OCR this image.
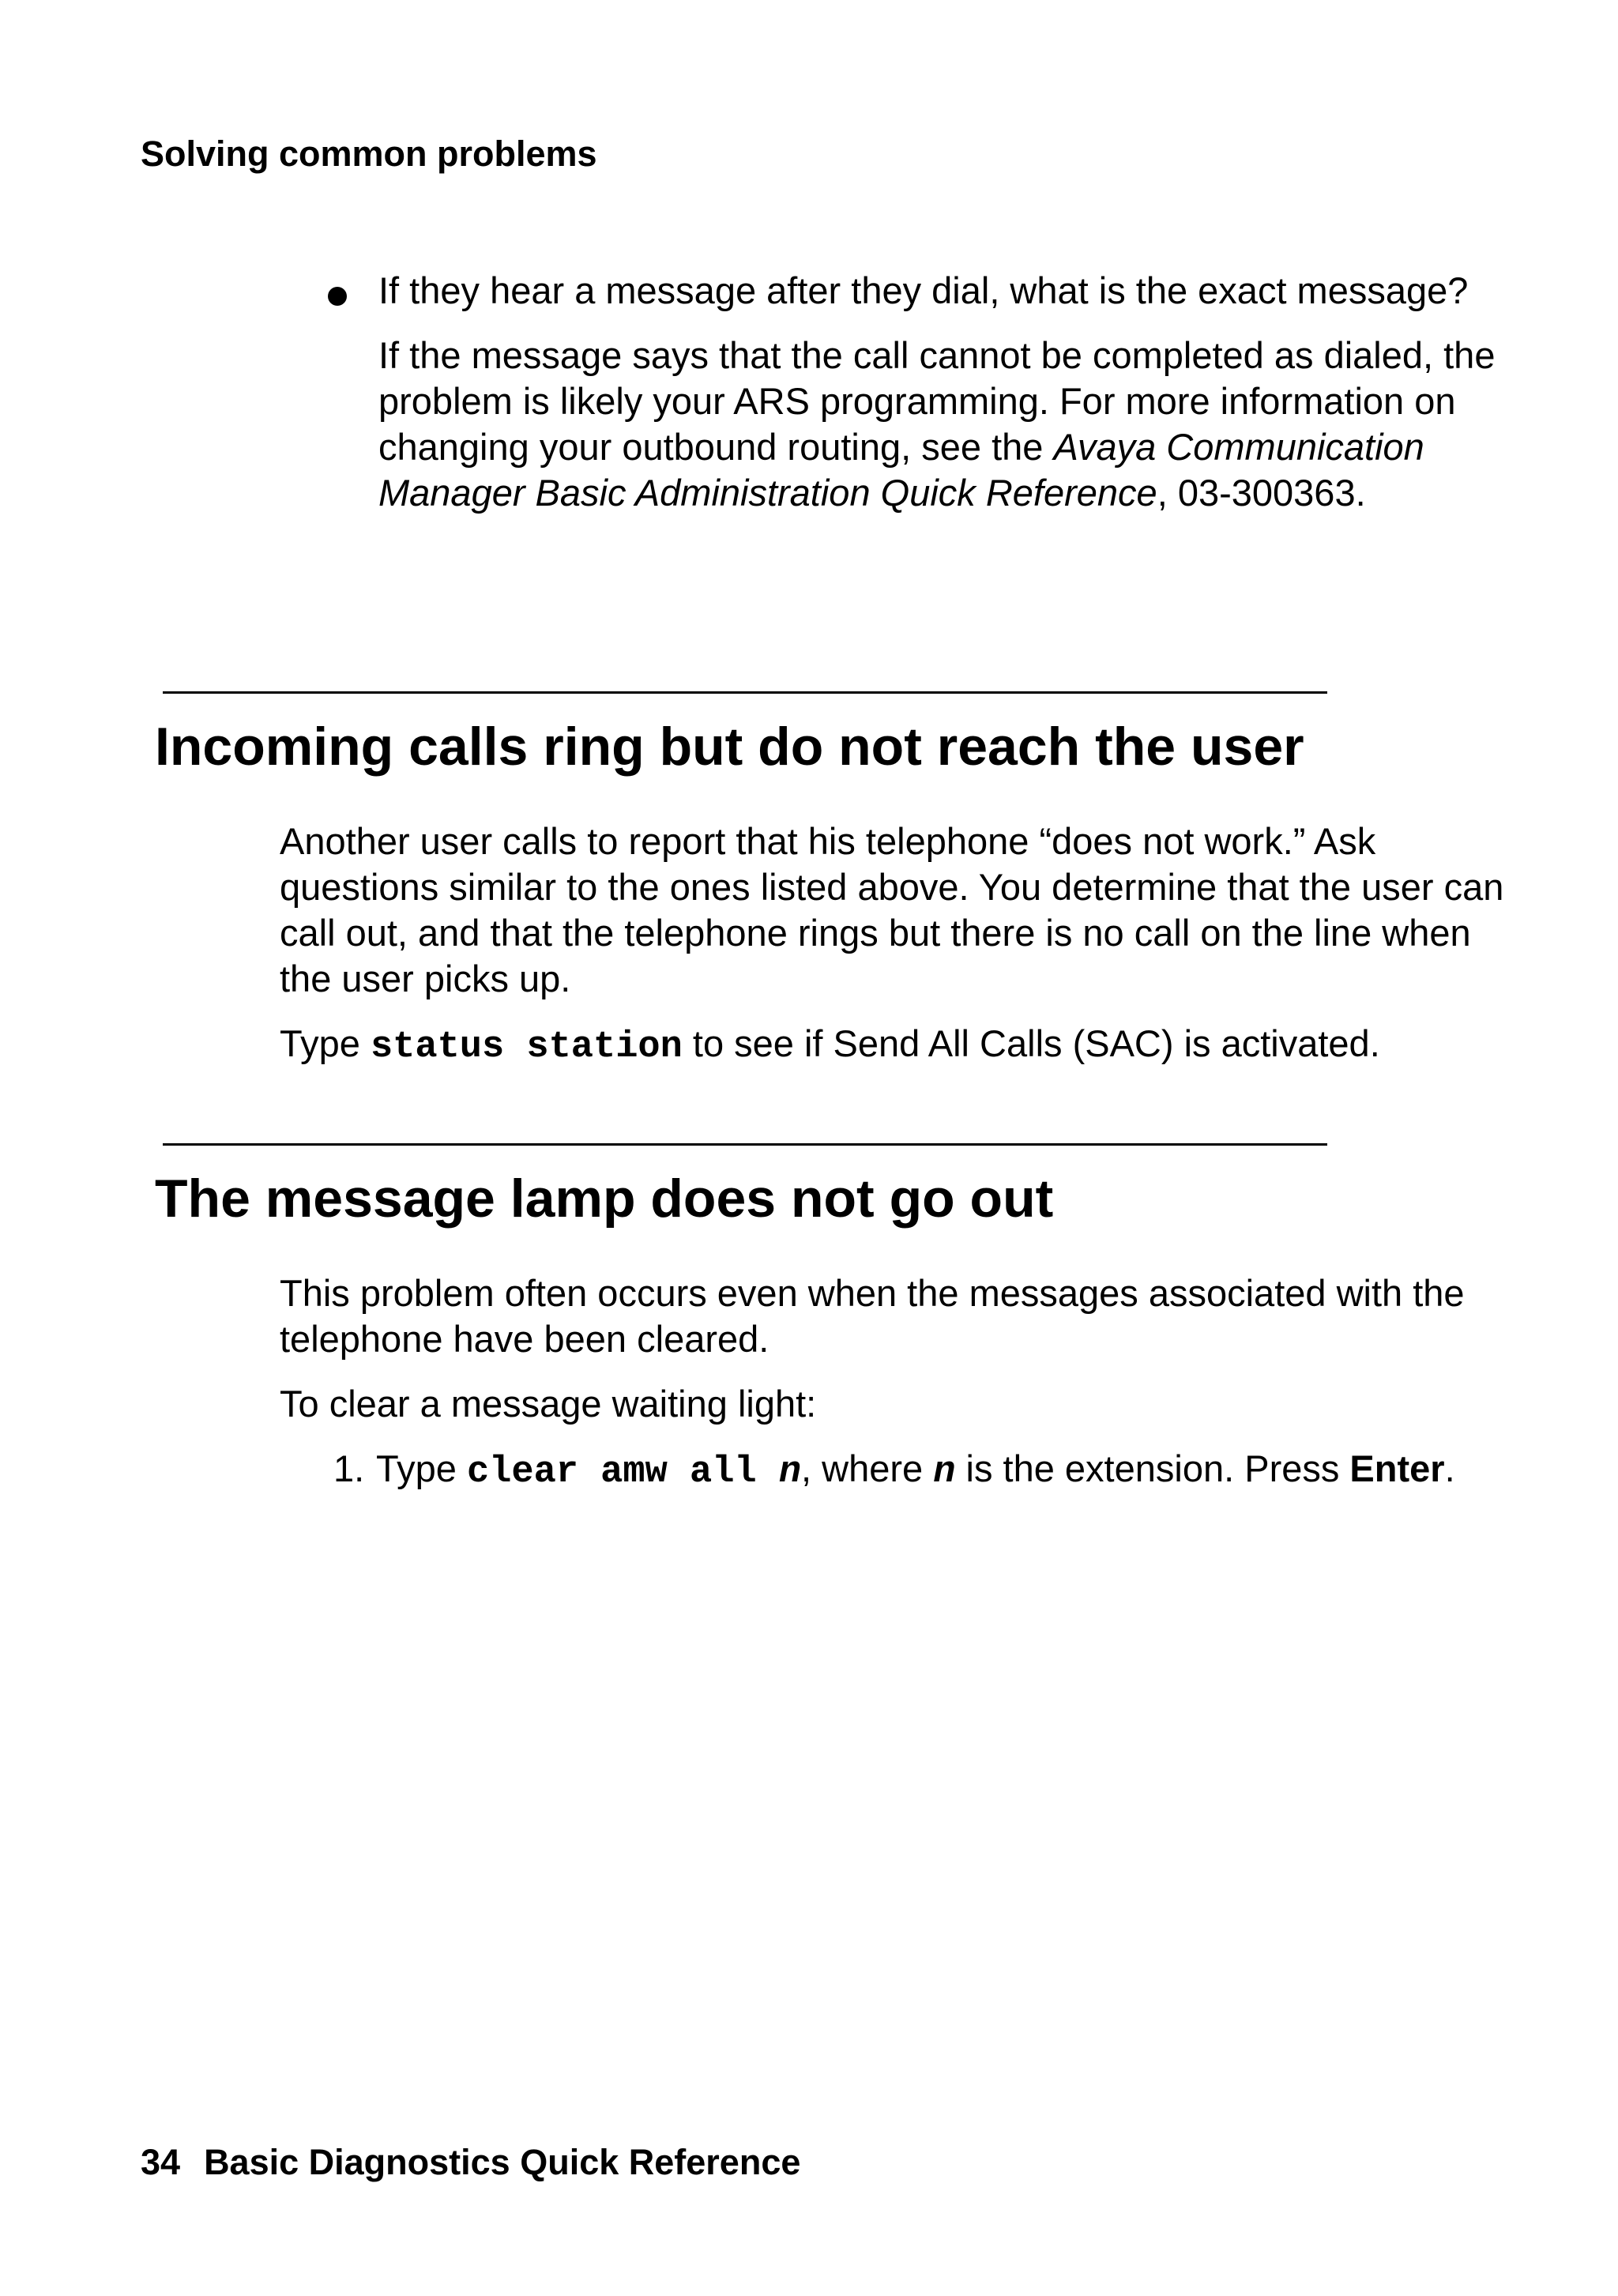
Solving common problems
If they hear a message after they dial, what is the exact message?
If the message says that the call cannot be completed as dialed, the problem is likely your ARS programming. For more information on changing your outbound routing, see the Avaya Communication Manager Basic Administration Quick Reference, 03-300363.
Incoming calls ring but do not reach the user

Another user calls to report that his telephone “does not work.” Ask questions similar to the ones listed above. You determine that the user can call out, and that the telephone rings but there is no call on the line when the user picks up.

Type status station to see if Send All Calls (SAC) is activated.

The message lamp does not go out

This problem often occurs even when the messages associated with the telephone have been cleared.

To clear a message waiting light:

1. Type clear amw all n, where n is the extension. Press Enter.
34 Basic Diagnostics Quick Reference
